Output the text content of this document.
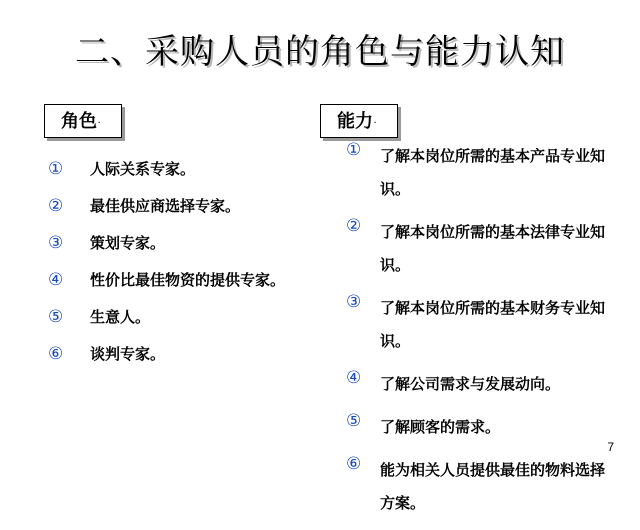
二、采购人员的角色与能力认知
角色.	能力.
① 人际关系专家。
② 最佳供应商选择专家。
③ 策划专家。
④ 性价比最佳物资的提供专家。
⑤ 生意人。
⑥ 谈判专家。
① 了解本岗位所需的基本产品专业知识。
② 了解本岗位所需的基本法律专业知识。
③ 了解本岗位所需的基本财务专业知识。
④ 了解公司需求与发展动向。
⑤ 了解顾客的需求。
⑥ 能为相关人员提供最佳的物料选择方案。
7
